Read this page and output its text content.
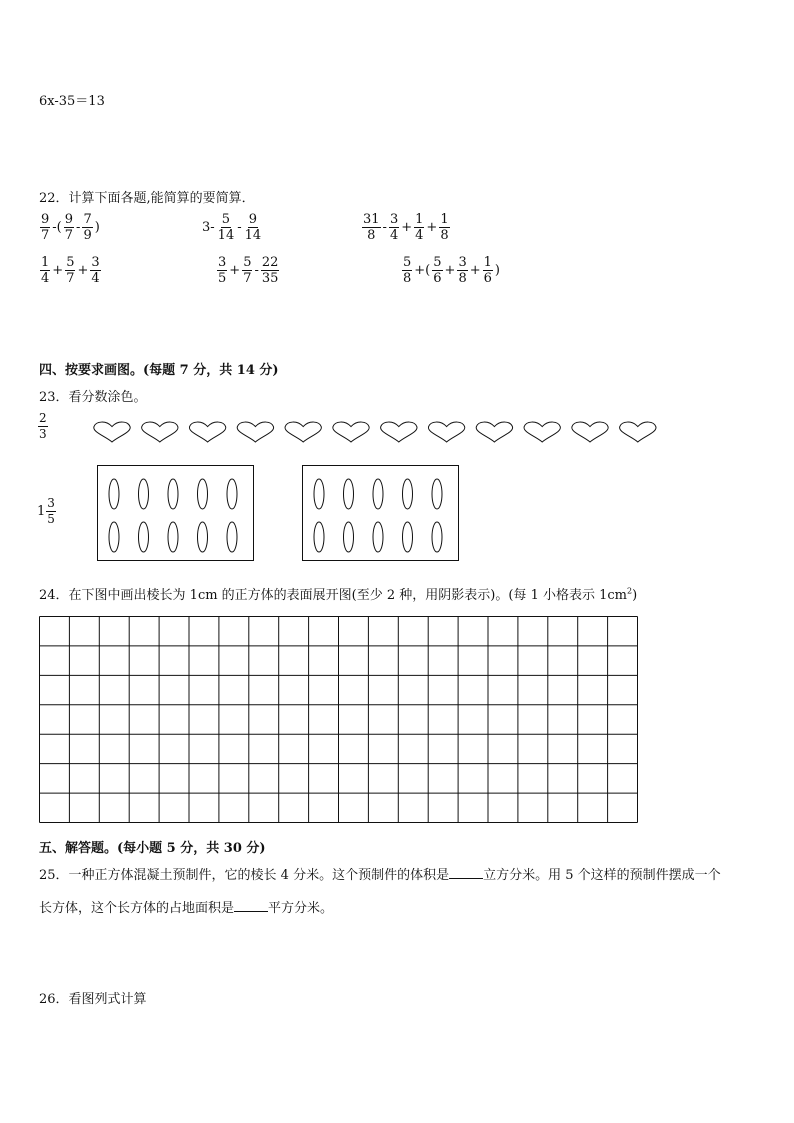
6x-35＝13
22．计算下面各题,能简算的要简算．
$\frac{9}{7}$ -( $\frac{9}{7} - \frac{7}{9}$ )	$3- \frac{5}{14} - \frac{9}{14}$	$\frac{31}{8} - \frac{3}{4} + \frac{1}{4} + \frac{1}{8}$
$\frac{1}{4} + \frac{5}{7} + \frac{3}{4}$	$\frac{3}{5} + \frac{5}{7} - \frac{22}{35}$	$\frac{5}{8}$ +( $\frac{5}{6} + \frac{3}{8} + \frac{1}{6}$ )
四、按要求画图。(每题 7 分，共 14 分)
23．看分数涂色。
$\frac{2}{3}$
$1 \frac{3}{5}$
24．在下图中画出棱长为 1cm 的正方体的表面展开图(至少 2 种，用阴影表示)。(每 1 小格表示 $1cm^2$)
五、解答题。(每小题 5 分，共 30 分)
25．一种正方体混凝土预制件，它的棱长 4 分米。这个预制件的体积是	立方分米。用 5 个这样的预制件摆成一个
长方体，这个长方体的占地面积是	平方分米。
26．看图列式计算
